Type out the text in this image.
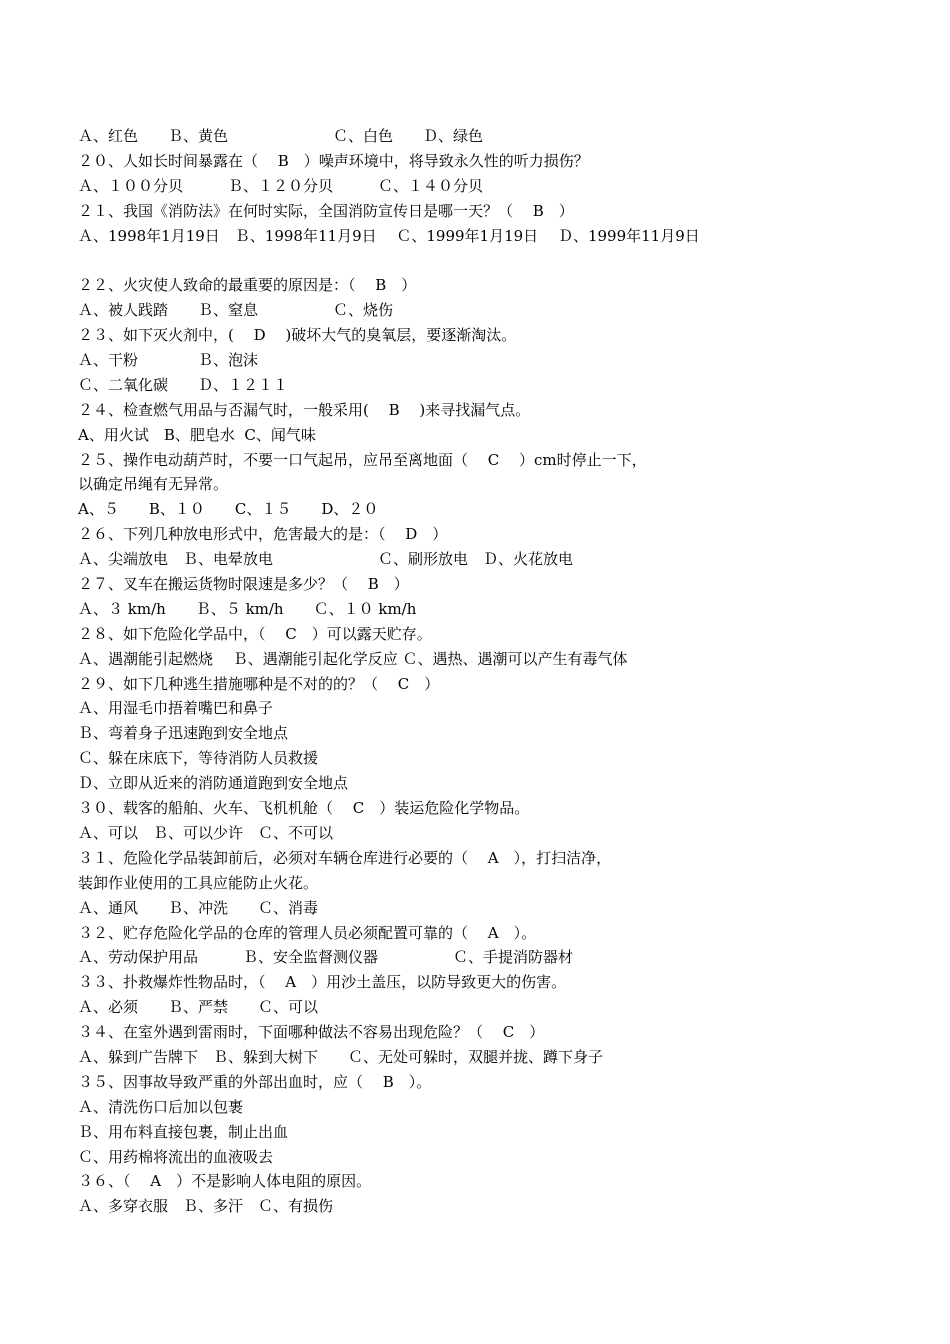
Ａ、红色　　Ｂ、黄色　　　　　　　Ｃ、白色　　Ｄ、绿色
２０、人如长时间暴露在（　 B　）噪声环境中，将导致永久性的听力损伤？
Ａ、１００分贝　　　Ｂ、１２０分贝　　　Ｃ、１４０分贝
２１、我国《消防法》在何时实际，全国消防宣传日是哪一天？（　 B　）
Ａ、1998年1月19日　Ｂ、1998年11月9日　 Ｃ、1999年1月19日　 Ｄ、1999年11月9日
２２、火灾使人致命的最重要的原因是：（　 B　）
Ａ、被人践踏　　Ｂ、窒息　　　　　Ｃ、烧伤
２３、如下灭火剂中，(　 D　 )破坏大气的臭氧层，要逐渐淘汰。
Ａ、干粉　　　　Ｂ、泡沫
Ｃ、二氧化碳　　Ｄ、１２１１
２４、检查燃气用品与否漏气时，一般采用(　 B　 )来寻找漏气点。
A、用火试　B、肥皂水  C、闻气味
２５、操作电动葫芦时，不要一口气起吊，应吊至离地面（　 C　 ）cm时停止一下，
以确定吊绳有无异常。
A、５　　B、１０　　C、１５　　D、２０
２６、下列几种放电形式中，危害最大的是：（　 D　）
Ａ、尖端放电　Ｂ、电晕放电　　　　　　　Ｃ、刷形放电　Ｄ、火花放电
２７、叉车在搬运货物时限速是多少？（　 B　）
Ａ、３ km/h　　Ｂ、５ km/h　　Ｃ、１０ km/h
２８、如下危险化学品中，（　 C　）可以露天贮存。
Ａ、遇潮能引起燃烧　 Ｂ、遇潮能引起化学反应 Ｃ、遇热、遇潮可以产生有毒气体
２９、如下几种逃生措施哪种是不对的的？（　 C　）
Ａ、用湿毛巾捂着嘴巴和鼻子
Ｂ、弯着身子迅速跑到安全地点
Ｃ、躲在床底下，等待消防人员救援
Ｄ、立即从近来的消防通道跑到安全地点
３０、载客的船舶、火车、飞机机舱（　 C　）装运危险化学物品。
Ａ、可以　Ｂ、可以少许　Ｃ、不可以
３１、危险化学品装卸前后，必须对车辆仓库进行必要的（　 A　），打扫洁净，
装卸作业使用的工具应能防止火花。
Ａ、通风　　Ｂ、冲洗　　Ｃ、消毒
３２、贮存危险化学品的仓库的管理人员必须配置可靠的（　 A　）。
Ａ、劳动保护用品　　　Ｂ、安全监督测仪器　　　　　Ｃ、手提消防器材
３３、扑救爆炸性物品时，（　 A　）用沙土盖压，以防导致更大的伤害。
Ａ、必须　　Ｂ、严禁　　Ｃ、可以
３４、在室外遇到雷雨时，下面哪种做法不容易出现危险？（　 C　）
Ａ、躲到广告牌下　Ｂ、躲到大树下　　Ｃ、无处可躲时，双腿并拢、蹲下身子
３５、因事故导致严重的外部出血时，应（　 B　）。
Ａ、清洗伤口后加以包裹
Ｂ、用布料直接包裹，制止出血
Ｃ、用药棉将流出的血液吸去
３６、（　 A　）不是影响人体电阻的原因。
Ａ、多穿衣服　Ｂ、多汗　Ｃ、有损伤
